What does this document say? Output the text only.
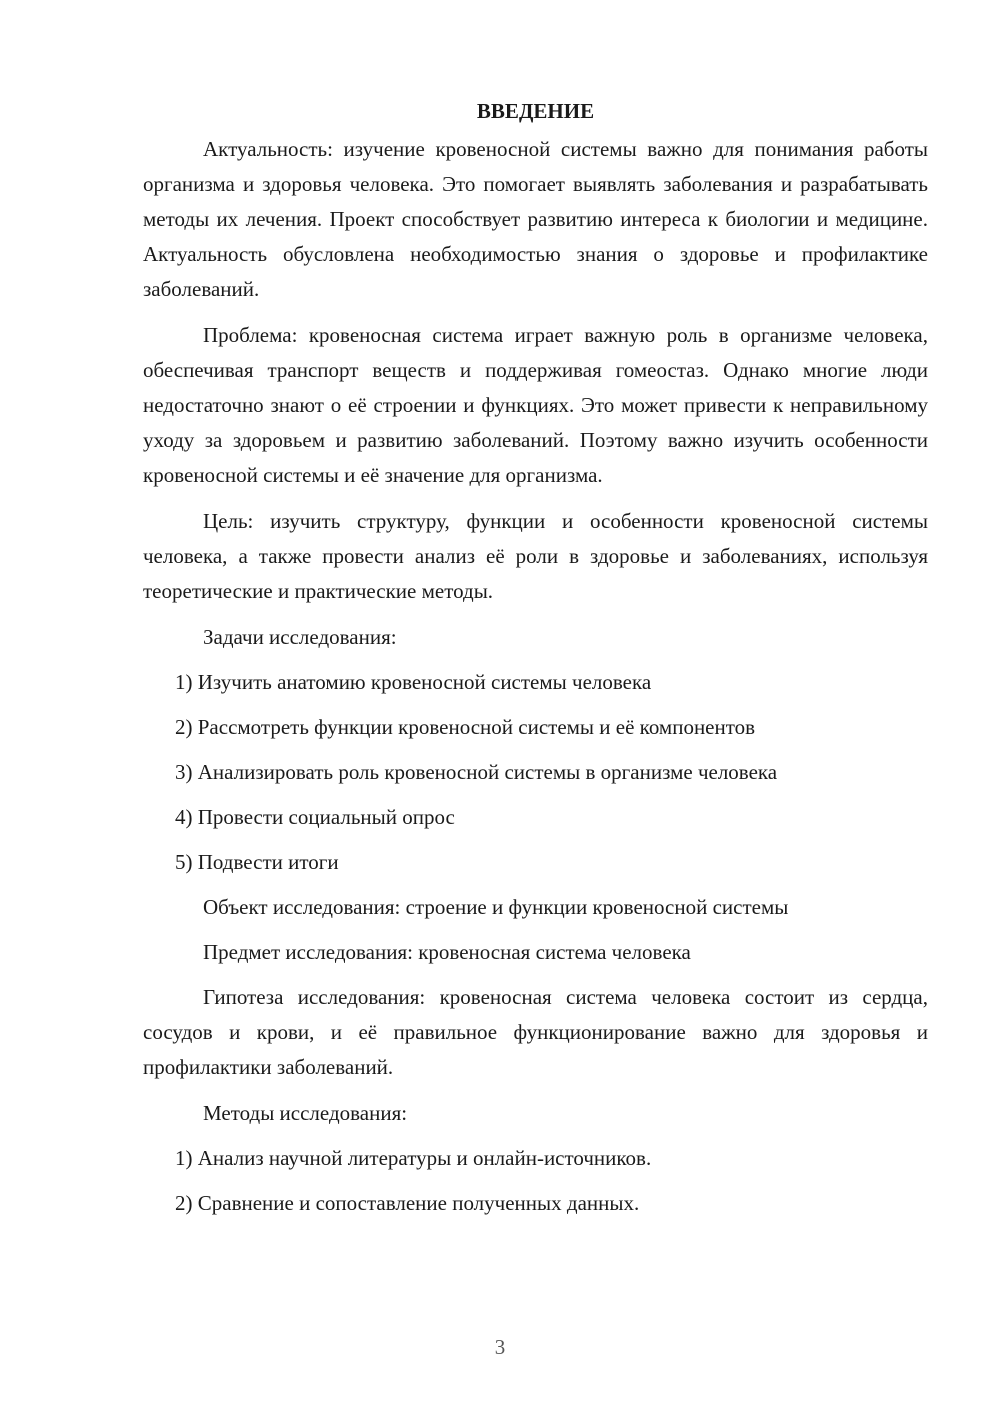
ВВЕДЕНИЕ

Актуальность: изучение кровеносной системы важно для понимания работы организма и здоровья человека. Это помогает выявлять заболевания и разрабатывать методы их лечения. Проект способствует развитию интереса к биологии и медицине. Актуальность обусловлена необходимостью знания о здоровье и профилактике заболеваний.

Проблема: кровеносная система играет важную роль в организме человека, обеспечивая транспорт веществ и поддерживая гомеостаз. Однако многие люди недостаточно знают о её строении и функциях. Это может привести к неправильному уходу за здоровьем и развитию заболеваний. Поэтому важно изучить особенности кровеносной системы и её значение для организма.

Цель: изучить структуру, функции и особенности кровеносной системы человека, а также провести анализ её роли в здоровье и заболеваниях, используя теоретические и практические методы.

Задачи исследования:
1) Изучить анатомию кровеносной системы человека
2) Рассмотреть функции кровеносной системы и её компонентов
3) Анализировать роль кровеносной системы в организме человека
4) Провести социальный опрос
5) Подвести итоги
Объект исследования: строение и функции кровеносной системы
Предмет исследования: кровеносная система человека

Гипотеза исследования: кровеносная система человека состоит из сердца, сосудов и крови, и её правильное функционирование важно для здоровья и профилактики заболеваний.

Методы исследования:
1) Анализ научной литературы и онлайн-источников.
2) Сравнение и сопоставление полученных данных.
3
